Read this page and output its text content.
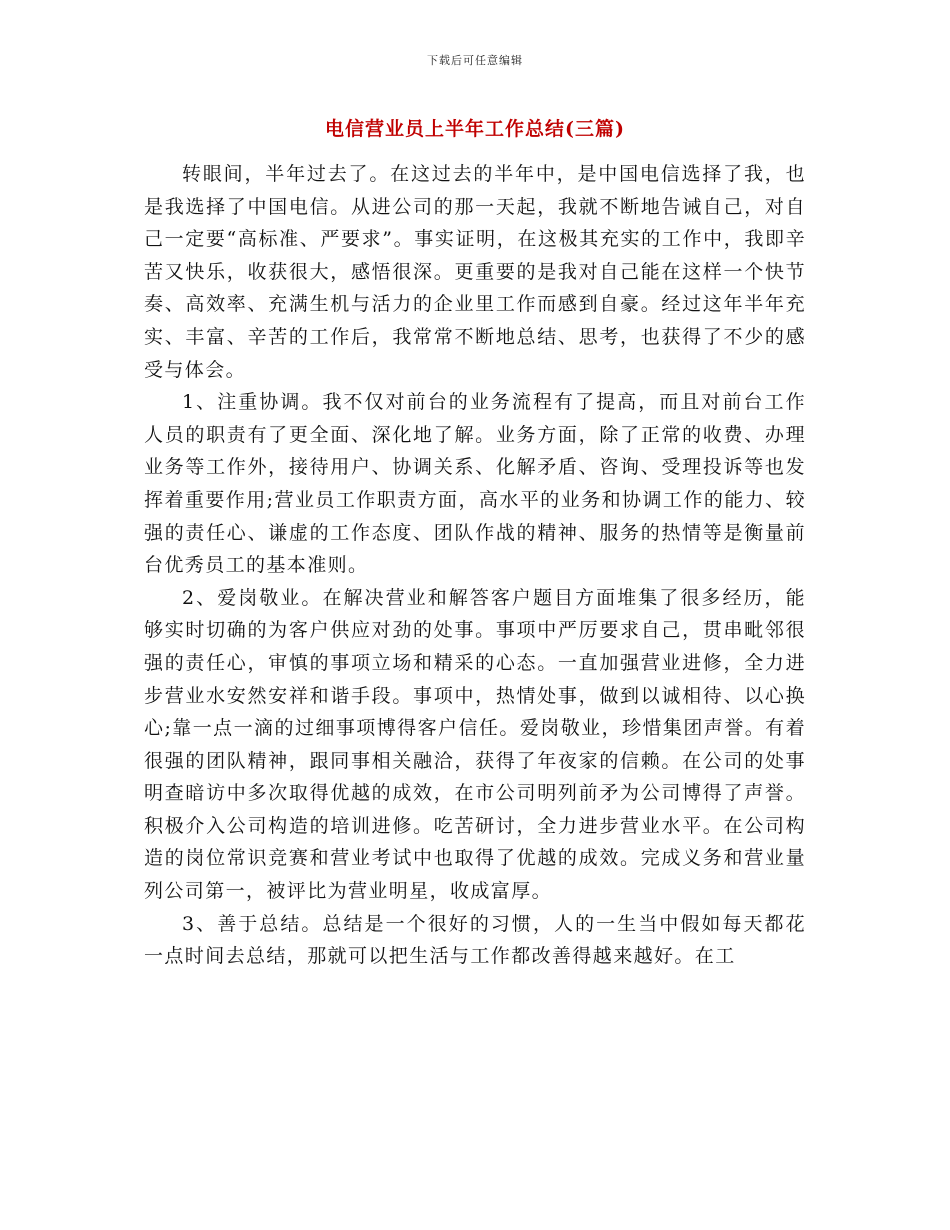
下载后可任意编辑
电信营业员上半年工作总结(三篇)

转眼间，半年过去了。在这过去的半年中，是中国电信选择了我，也是我选择了中国电信。从进公司的那一天起，我就不断地告诫自己，对自己一定要“高标准、严要求”。事实证明，在这极其充实的工作中，我即辛苦又快乐，收获很大，感悟很深。更重要的是我对自己能在这样一个快节奏、高效率、充满生机与活力的企业里工作而感到自豪。经过这年半年充实、丰富、辛苦的工作后，我常常不断地总结、思考，也获得了不少的感受与体会。

1、注重协调。我不仅对前台的业务流程有了提高，而且对前台工作人员的职责有了更全面、深化地了解。业务方面，除了正常的收费、办理业务等工作外，接待用户、协调关系、化解矛盾、咨询、受理投诉等也发挥着重要作用;营业员工作职责方面，高水平的业务和协调工作的能力、较强的责任心、谦虚的工作态度、团队作战的精神、服务的热情等是衡量前台优秀员工的基本准则。

2、爱岗敬业。在解决营业和解答客户题目方面堆集了很多经历，能够实时切确的为客户供应对劲的处事。事项中严厉要求自己，贯串毗邻很强的责任心，审慎的事项立场和精采的心态。一直加强营业进修，全力进步营业水安然安祥和谐手段。事项中，热情处事，做到以诚相待、以心换心;靠一点一滴的过细事项博得客户信任。爱岗敬业，珍惜集团声誉。有着很强的团队精神，跟同事相关融洽，获得了年夜家的信赖。在公司的处事明查暗访中多次取得优越的成效，在市公司明列前矛为公司博得了声誉。积极介入公司构造的培训进修。吃苦研讨，全力进步营业水平。在公司构造的岗位常识竞赛和营业考试中也取得了优越的成效。完成义务和营业量列公司第一，被评比为营业明星，收成富厚。

3、善于总结。总结是一个很好的习惯，人的一生当中假如每天都花一点时间去总结，那就可以把生活与工作都改善得越来越好。在工
